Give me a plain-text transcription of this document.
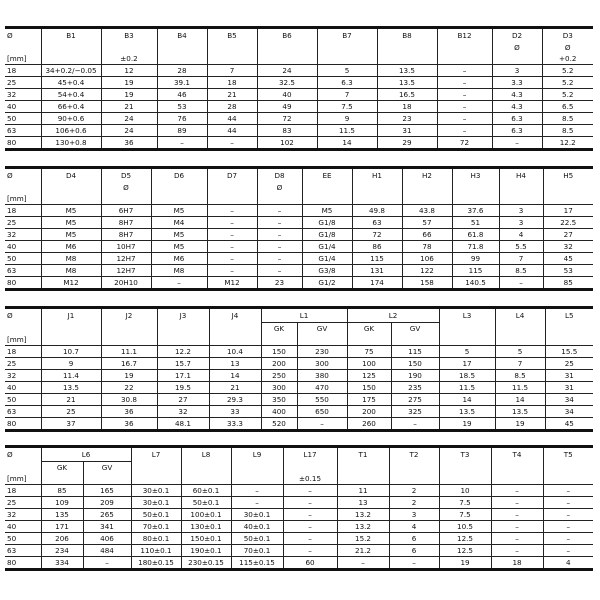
Ø	B1	B3	B4	B5	B6	B7	B8	B12	D2	D3
									Ø	Ø
[mm]		±0.2								+0.2
18	34+0.2/−0.05	12	28	7	24	5	13.5	–	3	5.2
25	45+0.4	19	39.1	18	32.5	6.3	13.5	–	3.3	5.2
32	54+0.4	19	46	21	40	7	16.5	–	4.3	5.2
40	66+0.4	21	53	28	49	7.5	18	–	4.3	6.5
50	90+0.6	24	76	44	72	9	23	–	6.3	8.5
63	106+0.6	24	89	44	83	11.5	31	–	6.3	8.5
80	130+0.8	36	–	–	102	14	29	72	–	12.2
Ø	D4	D5	D6	D7	D8	EE	H1	H2	H3	H4	H5
		Ø			Ø						
[mm]											
18	M5	6H7	M5	–	–	M5	49.8	43.8	37.6	3	17
25	M5	8H7	M4	–	–	G1/8	63	57	51	3	22.5
32	M5	8H7	M5	–	–	G1/8	72	66	61.8	4	27
40	M6	10H7	M5	–	–	G1/4	86	78	71.8	5.5	32
50	M8	12H7	M6	–	–	G1/4	115	106	99	7	45
63	M8	12H7	M8	–	–	G3/8	131	122	115	8.5	53
80	M12	20H10	–	M12	23	G1/2	174	158	140.5	–	85
Ø	J1	J2	J3	J4	L1		L2		L3	L4	L5
					GK	GV	GK	GV			
[mm]											
18	10.7	11.1	12.2	10.4	150	230	75	115	5	5	15.5
25	9	16.7	15.7	13	200	300	100	150	17	7	25
32	11.4	19	17.1	14	250	380	125	190	18.5	8.5	31
40	13.5	22	19.5	21	300	470	150	235	11.5	11.5	31
50	21	30.8	27	29.3	350	550	175	275	14	14	34
63	25	36	32	33	400	650	200	325	13.5	13.5	34
80	37	36	48.1	33.3	520	–	260	–	19	19	45
Ø	L6		L7	L8	L9	L17	T1	T2	T3	T4	T5
	GK	GV									
[mm]						±0.15					
18	85	165	30±0.1	60±0.1	–	–	11	2	10	–	–
25	109	209	30±0.1	50±0.1	–	–	13	2	7.5	–	–
32	135	265	50±0.1	100±0.1	30±0.1	–	13.2	3	7.5	–	–
40	171	341	70±0.1	130±0.1	40±0.1	–	13.2	4	10.5	–	–
50	206	406	80±0.1	150±0.1	50±0.1	–	15.2	6	12.5	–	–
63	234	484	110±0.1	190±0.1	70±0.1	–	21.2	6	12.5	–	–
80	334	–	180±0.15	230±0.15	115±0.15	60	–	–	19	18	4
